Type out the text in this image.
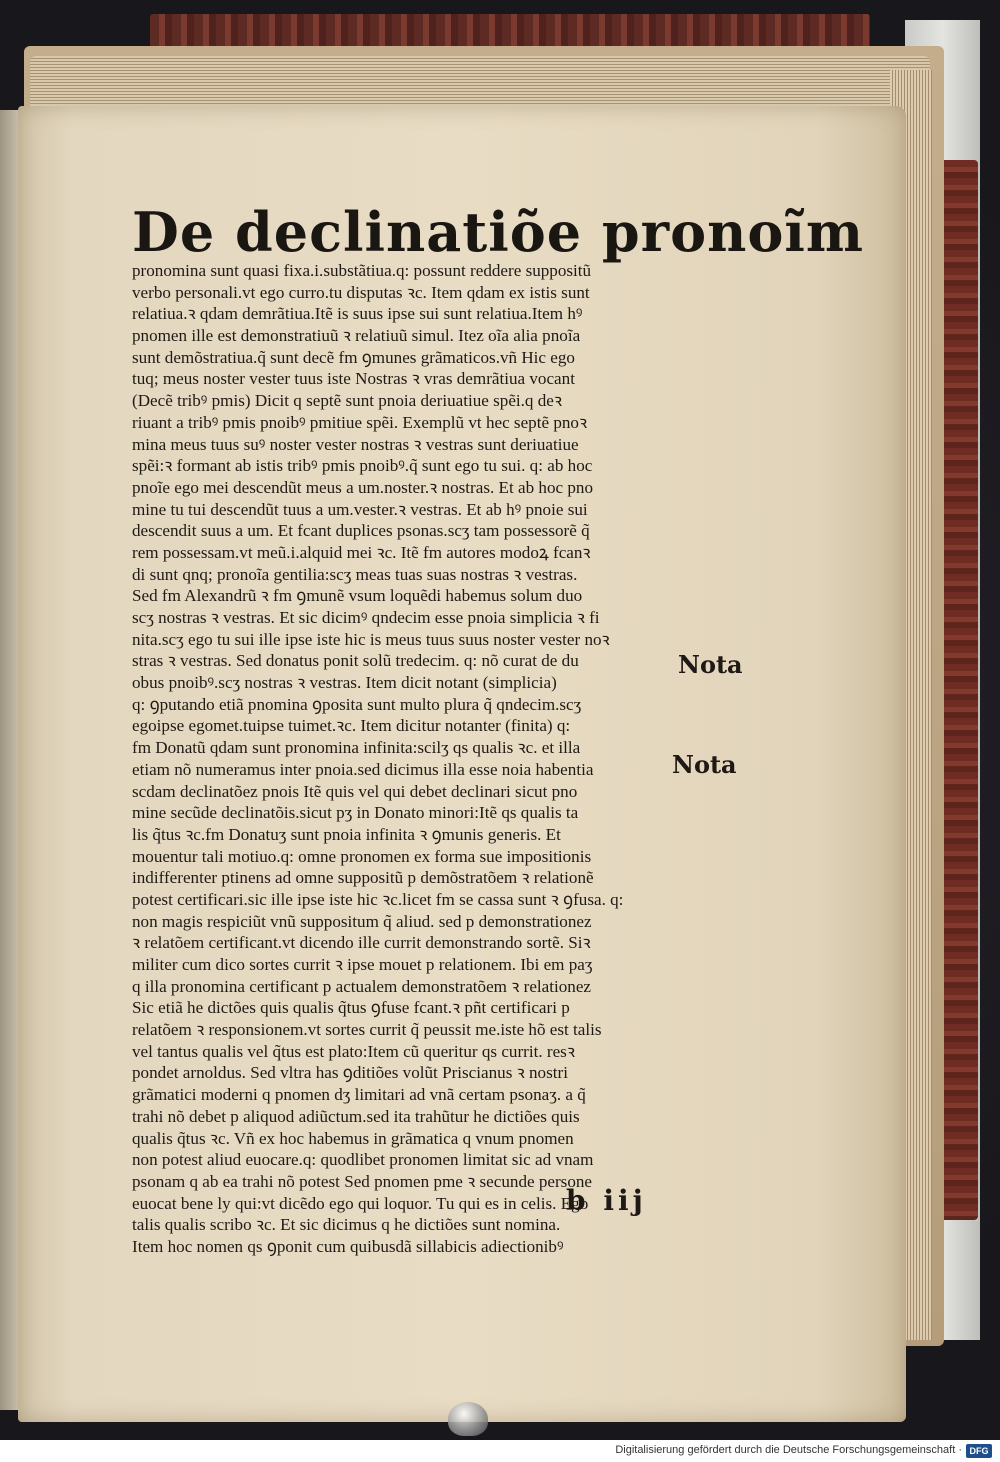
De declinatiõe pronoĩm
pronomina sunt quasi fixa.i.substãtiua.q: possunt reddere suppositũ
verbo personali.vt ego curro.tu disputas ꝛc. Item qdam ex istis sunt
relatiua.ꝛ qdam demrãtiua.Itẽ is suus ipse sui sunt relatiua.Item hꝰ
pnomen ille est demonstratiuũ ꝛ relatiuũ simul. Itez oĩa alia pnoĩa
sunt demõstratiua.q̃ sunt decẽ fm ꝯmunes grãmaticos.vñ Hic ego
tuq; meus noster vester tuus iste Nostras ꝛ vras demrãtiua vocant
(Decẽ tribꝰ pmis) Dicit q septẽ sunt pnoia deriuatiue spẽi.q deꝛ
riuant a tribꝰ pmis pnoibꝰ pmitiue spẽi. Exemplũ vt hec septẽ pnoꝛ
mina meus tuus suꝰ noster vester nostras ꝛ vestras sunt deriuatiue
spẽi:ꝛ formant ab istis tribꝰ pmis pnoibꝰ.q̃ sunt ego tu sui. q: ab hoc
pnoĩe ego mei descendũt meus a um.noster.ꝛ nostras. Et ab hoc pno
mine tu tui descendũt tuus a um.vester.ꝛ vestras. Et ab hꝰ pnoie sui
descendit suus a um. Et fcant duplices psonas.scʒ tam possessorẽ q̃
rem possessam.vt meũ.i.alquid mei ꝛc. Itẽ fm autores modoꝝ fcanꝛ
di sunt qnq; pronoĩa gentilia:scʒ meas tuas suas nostras ꝛ vestras.
Sed fm Alexandrũ ꝛ fm ꝯmunẽ vsum loquẽdi habemus solum duo
scʒ nostras ꝛ vestras. Et sic dicimꝰ qndecim esse pnoia simplicia ꝛ fi
nita.scʒ ego tu sui ille ipse iste hic is meus tuus suus noster vester noꝛ
stras ꝛ vestras. Sed donatus ponit solũ tredecim. q: nõ curat de du
obus pnoibꝰ.scʒ nostras ꝛ vestras. Item dicit notant (simplicia)
q: ꝯputando etiã pnomina ꝯposita sunt multo plura q̃ qndecim.scʒ
egoipse egomet.tuipse tuimet.ꝛc. Item dicitur notanter (finita) q:
fm Donatũ qdam sunt pronomina infinita:scilʒ qs qualis ꝛc. et illa
etiam nõ numeramus inter pnoia.sed dicimus illa esse noia habentia
scdam declinatõez pnois Itẽ quis vel qui debet declinari sicut pno
mine secũde declinatõis.sicut pʒ in Donato minori:Itẽ qs qualis ta
lis q̃tus ꝛc.fm Donatuʒ sunt pnoia infinita ꝛ ꝯmunis generis. Et
mouentur tali motiuo.q: omne pronomen ex forma sue impositionis
indifferenter ptinens ad omne suppositũ p demõstratõem ꝛ relationẽ
potest certificari.sic ille ipse iste hic ꝛc.licet fm se cassa sunt ꝛ ꝯfusa. q:
non magis respiciũt vnũ suppositum q̃ aliud. sed p demonstrationez
ꝛ relatõem certificant.vt dicendo ille currit demonstrando sortẽ. Siꝛ
militer cum dico sortes currit ꝛ ipse mouet p relationem. Ibi em paʒ
q illa pronomina certificant p actualem demonstratõem ꝛ relationez
Sic etiã he dictões quis qualis q̃tus ꝯfuse fcant.ꝛ pñt certificari p
relatõem ꝛ responsionem.vt sortes currit q̃ peussit me.iste hõ est talis
vel tantus qualis vel q̃tus est plato:Item cũ queritur qs currit. resꝛ
pondet arnoldus. Sed vltra has ꝯditiões volũt Priscianus ꝛ nostri
grãmatici moderni q pnomen dʒ limitari ad vnã certam psonaʒ. a q̃
trahi nõ debet p aliquod adiũctum.sed ita trahũtur he dictiões quis
qualis q̃tus ꝛc. Vñ ex hoc habemus in grãmatica q vnum pnomen
non potest aliud euocare.q: quodlibet pronomen limitat sic ad vnam
psonam q ab ea trahi nõ potest Sed pnomen pme ꝛ secunde persone
euocat bene ly qui:vt dicẽdo ego qui loquor. Tu qui es in celis. Ego
talis qualis scribo ꝛc. Et sic dicimus q he dictiões sunt nomina.
Item hoc nomen qs ꝯponit cum quibusdã sillabicis adiectionibꝰ
Nota
Nota
b iij
Digitalisierung gefördert durch die Deutsche Forschungsgemeinschaft · DFG
